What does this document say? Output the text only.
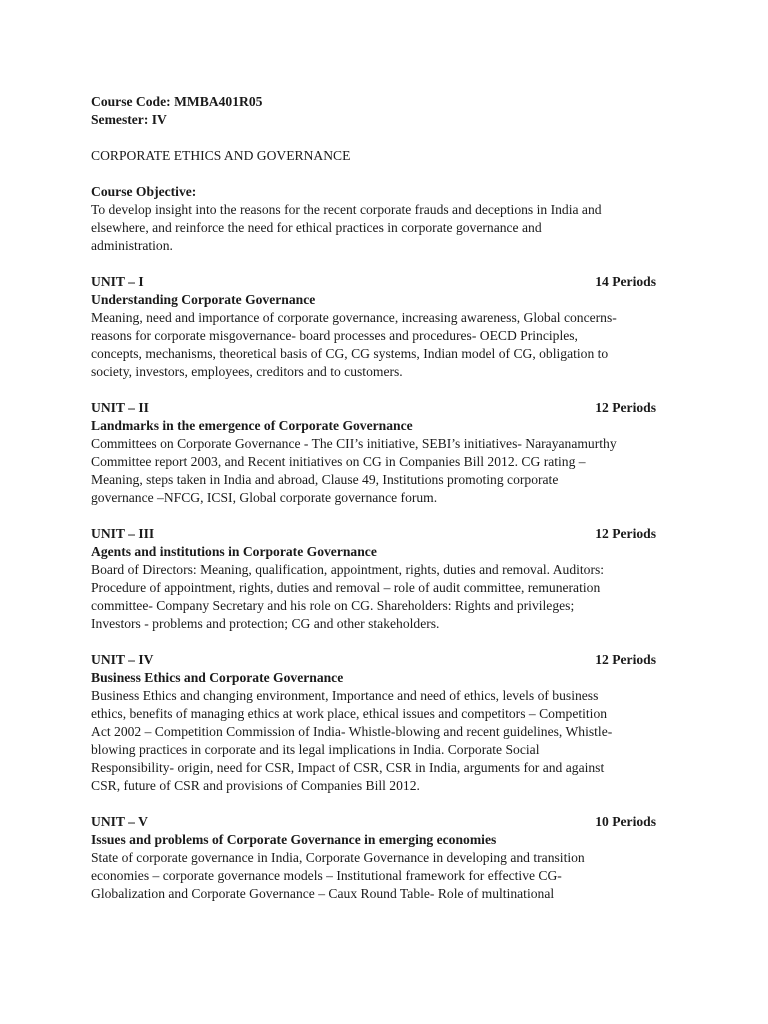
Course Code: MMBA401R05
Semester: IV
CORPORATE ETHICS AND GOVERNANCE
Course Objective:
To develop insight into the reasons for the recent corporate frauds and deceptions in India and
elsewhere, and reinforce the need for ethical practices in corporate governance and
administration.
UNIT – I	14 Periods
Understanding Corporate Governance
Meaning, need and importance of corporate governance, increasing awareness, Global concerns-
reasons for corporate misgovernance- board processes and procedures- OECD Principles,
concepts, mechanisms, theoretical basis of CG, CG systems, Indian model of CG, obligation to
society, investors, employees, creditors and to customers.
UNIT – II	12 Periods
Landmarks in the emergence of Corporate Governance
Committees on Corporate Governance - The CII’s initiative, SEBI’s initiatives- Narayanamurthy
Committee report 2003, and Recent initiatives on CG in Companies Bill 2012. CG rating –
Meaning, steps taken in India and abroad, Clause 49, Institutions promoting corporate
governance –NFCG, ICSI, Global corporate governance forum.
UNIT – III	12 Periods
Agents and institutions in Corporate Governance
Board of Directors: Meaning, qualification, appointment, rights, duties and removal. Auditors:
Procedure of appointment, rights, duties and removal – role of audit committee, remuneration
committee- Company Secretary and his role on CG. Shareholders: Rights and privileges;
Investors - problems and protection; CG and other stakeholders.
UNIT – IV	12 Periods
Business Ethics and Corporate Governance
Business Ethics and changing environment, Importance and need of ethics, levels of business
ethics, benefits of managing ethics at work place, ethical issues and competitors – Competition
Act 2002 – Competition Commission of India- Whistle-blowing and recent guidelines, Whistle-
blowing practices in corporate and its legal implications in India. Corporate Social
Responsibility- origin, need for CSR, Impact of CSR, CSR in India, arguments for and against
CSR, future of CSR and provisions of Companies Bill 2012.
UNIT – V	10 Periods
Issues and problems of Corporate Governance in emerging economies
State of corporate governance in India, Corporate Governance in developing and transition
economies – corporate governance models – Institutional framework for effective CG-
Globalization and Corporate Governance – Caux Round Table- Role of multinational
